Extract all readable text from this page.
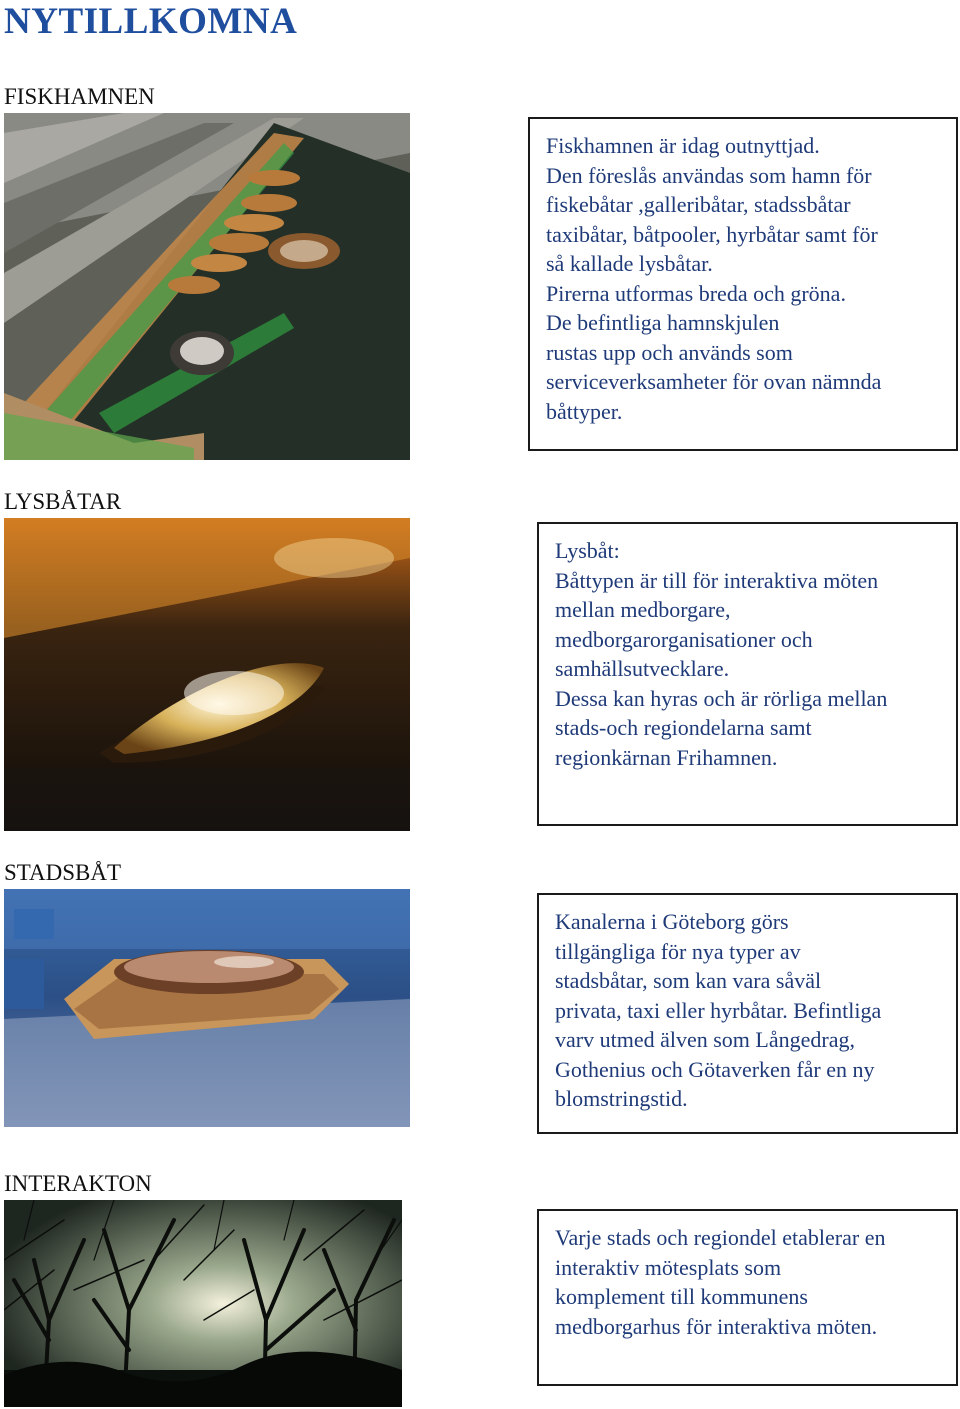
NYTILLKOMNA
FISKHAMNEN

Fiskhamnen är idag outnyttjad.

Den föreslås användas som hamn för

fiskebåtar ,galleribåtar, stadssbåtar

taxibåtar, båtpooler, hyrbåtar samt för

så kallade lysbåtar.

Pirerna utformas breda och gröna.

De befintliga hamnskjulen

rustas upp och används som

serviceverksamheter för ovan nämnda

båttyper.

LYSBÅTAR

Lysbåt:

Båttypen är till för interaktiva möten

mellan medborgare,

medborgarorganisationer och

samhällsutvecklare.

Dessa kan hyras och är rörliga mellan

stads-och regiondelarna samt

regionkärnan Frihamnen.

STADSBÅT

Kanalerna i Göteborg görs

tillgängliga för nya typer av

stadsbåtar, som kan vara såväl

privata, taxi eller hyrbåtar. Befintliga

varv utmed älven som Långedrag,

Gothenius och Götaverken får en ny

blomstringstid.

INTERAKTON

Varje stads och regiondel etablerar en

interaktiv mötesplats som

komplement till kommunens

medborgarhus för interaktiva möten.
